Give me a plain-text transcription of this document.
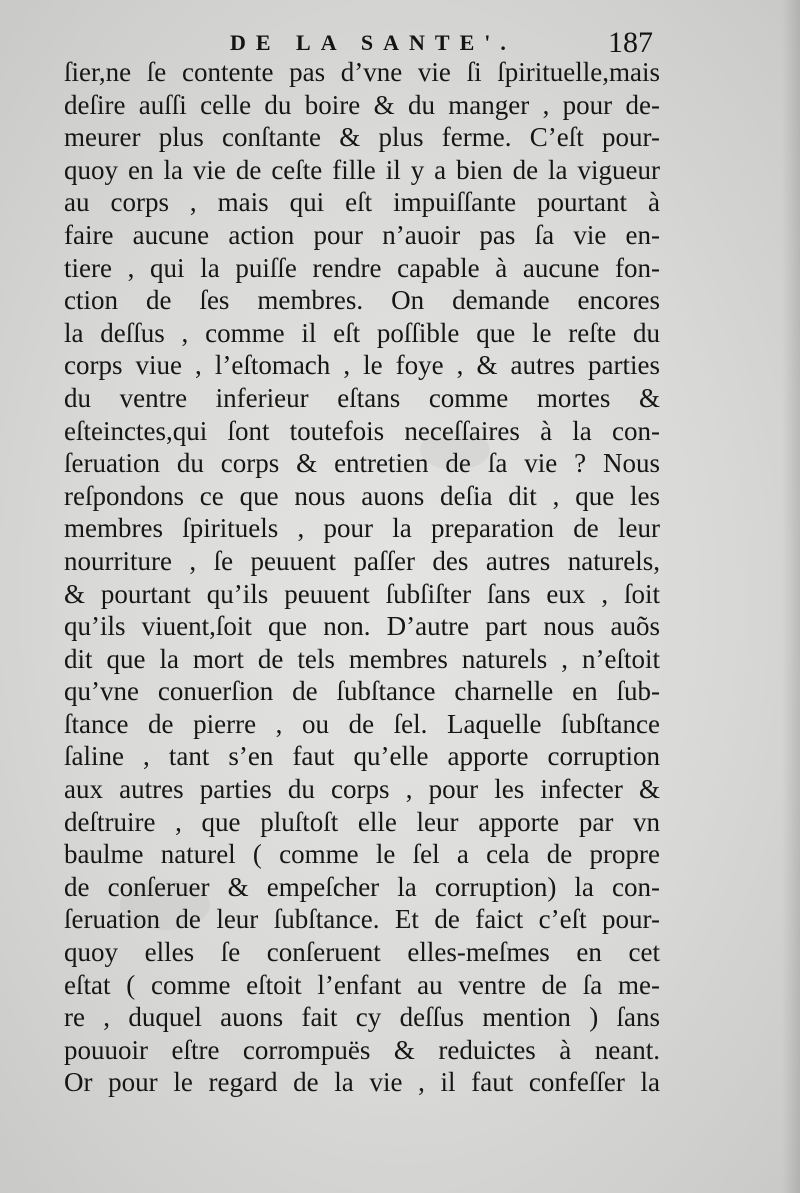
DE LA SANTE'.	187
ſier,ne ſe contente pas d’vne vie ſi ſpirituelle,mais
deſire auſſi celle du boire & du manger , pour de-
meurer plus conſtante & plus ferme. C’eſt pour-
quoy en la vie de ceſte fille il y a bien de la vigueur
au corps , mais qui eſt impuiſſante pourtant à
faire aucune action pour n’auoir pas ſa vie en-
tiere , qui la puiſſe rendre capable à aucune fon-
ction de ſes membres. On demande encores
la deſſus , comme il eſt poſſible que le reſte du
corps viue , l’eſtomach , le foye , & autres parties
du ventre inferieur eſtans comme mortes &
eſteinctes,qui ſont toutefois neceſſaires à la con-
ſeruation du corps & entretien de ſa vie ? Nous
reſpondons ce que nous auons deſia dit , que les
membres ſpirituels , pour la preparation de leur
nourriture , ſe peuuent paſſer des autres naturels,
& pourtant qu’ils peuuent ſubſiſter ſans eux , ſoit
qu’ils viuent,ſoit que non. D’autre part nous auõs
dit que la mort de tels membres naturels , n’eſtoit
qu’vne conuerſion de ſubſtance charnelle en ſub-
ſtance de pierre , ou de ſel. Laquelle ſubſtance
ſaline , tant s’en faut qu’elle apporte corruption
aux autres parties du corps , pour les infecter &
deſtruire , que pluſtoſt elle leur apporte par vn
baulme naturel ( comme le ſel a cela de propre
de conſeruer & empeſcher la corruption) la con-
ſeruation de leur ſubſtance. Et de faict c’eſt pour-
quoy elles ſe conſeruent elles-meſmes en cet
eſtat ( comme eſtoit l’enfant au ventre de ſa me-
re , duquel auons fait cy deſſus mention ) ſans
pouuoir eſtre corrompuës & reduictes à neant.
Or pour le regard de la vie , il faut confeſſer la
